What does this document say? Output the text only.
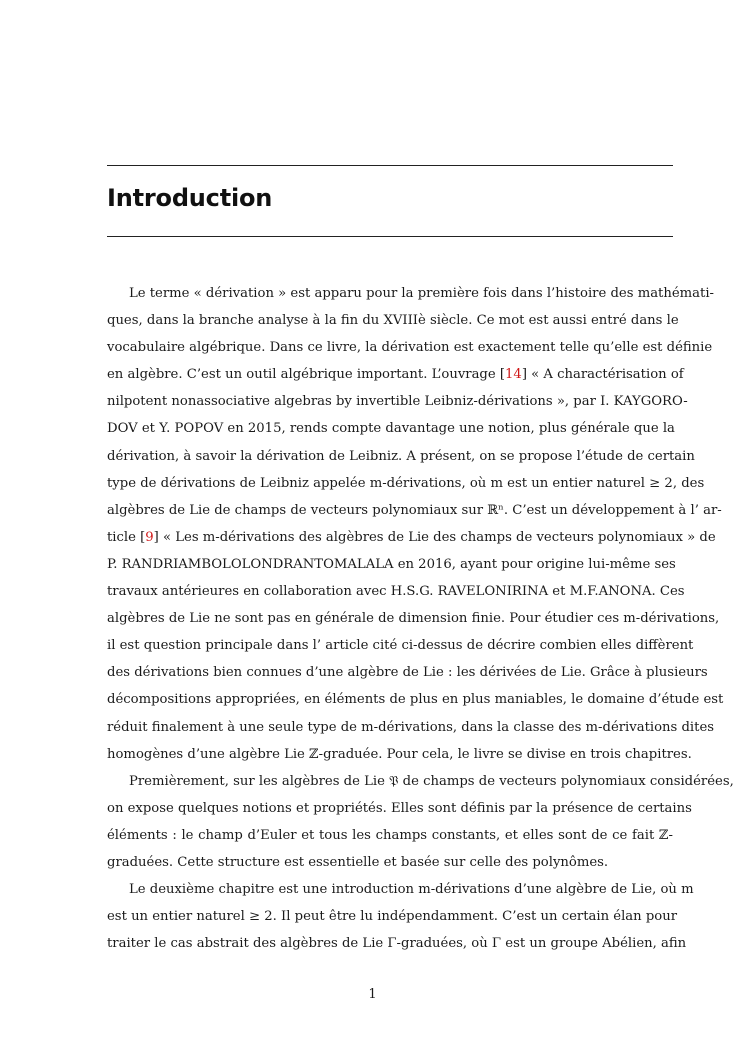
Introduction
Le terme « dérivation » est apparu pour la première fois dans l’histoire des mathémati-
ques, dans la branche analyse à la fin du XVIIIè siècle. Ce mot est aussi entré dans le
vocabulaire algébrique. Dans ce livre, la dérivation est exactement telle qu’elle est définie
en algèbre. C’est un outil algébrique important. L’ouvrage [14] « A charactérisation of
nilpotent nonassociative algebras by invertible Leibniz-dérivations », par I. KAYGORO-
DOV et Y. POPOV en 2015, rends compte davantage une notion, plus générale que la
dérivation, à savoir la dérivation de Leibniz. A présent, on se propose l’étude de certain
type de dérivations de Leibniz appelée m-dérivations, où m est un entier naturel ≥ 2, des
algèbres de Lie de champs de vecteurs polynomiaux sur ℝⁿ. C’est un développement à l’ ar-
ticle [9] « Les m-dérivations des algèbres de Lie des champs de vecteurs polynomiaux » de
P. RANDRIAMBOLOLONDRANTOMALALA en 2016, ayant pour origine lui-même ses
travaux antérieures en collaboration avec H.S.G. RAVELONIRINA et M.F.ANONA. Ces
algèbres de Lie ne sont pas en générale de dimension finie. Pour étudier ces m-dérivations,
il est question principale dans l’ article cité ci-dessus de décrire combien elles diffèrent
des dérivations bien connues d’une algèbre de Lie : les dérivées de Lie. Grâce à plusieurs
décompositions appropriées, en éléments de plus en plus maniables, le domaine d’étude est
réduit finalement à une seule type de m-dérivations, dans la classe des m-dérivations dites
homogènes d’une algèbre Lie ℤ-graduée. Pour cela, le livre se divise en trois chapitres.
Premièrement, sur les algèbres de Lie 𝔓 de champs de vecteurs polynomiaux considérées,
on expose quelques notions et propriétés. Elles sont définis par la présence de certains
éléments : le champ d’Euler et tous les champs constants, et elles sont de ce fait ℤ-
graduées. Cette structure est essentielle et basée sur celle des polynômes.
Le deuxième chapitre est une introduction m-dérivations d’une algèbre de Lie, où m
est un entier naturel ≥ 2. Il peut être lu indépendamment. C’est un certain élan pour
traiter le cas abstrait des algèbres de Lie Γ-graduées, où Γ est un groupe Abélien, afin
1
